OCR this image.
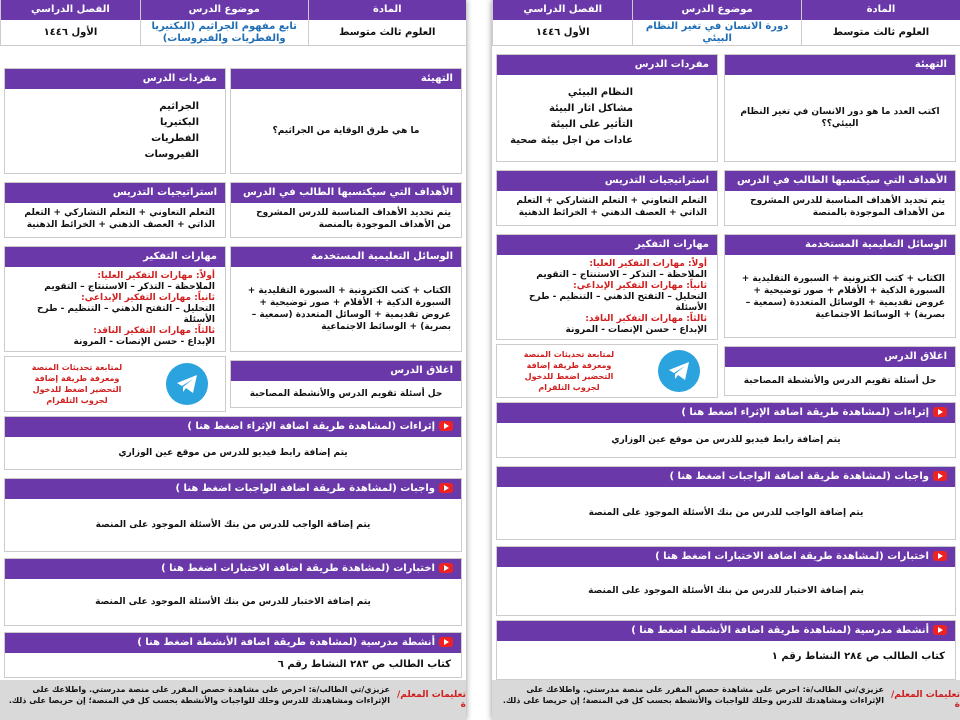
المادة
العلوم ثالث متوسط
موضوع الدرس
تابع مفهوم الجراثيم (البكتيريا والفطريات والفيروسات)
الفصل الدراسي
الأول ١٤٤٦
التهيئة
ما هي طرق الوقاية من الجراثيم؟
مفردات الدرس
الجراثيم
البكتيريا
الفطريات
الفيروسات
الأهداف التي سيكتسبها الطالب في الدرس
يتم تحديد الأهداف المناسبة للدرس المشروح من الأهداف الموجودة بالمنصة
استراتيجيات التدريس
التعلم التعاوني + التعلم التشاركي + التعلم الذاتي + العصف الذهني + الخرائط الذهنية
الوسائل التعليمية المستخدمة
الكتاب + كتب الكترونية + السبورة التقليدية + السبورة الذكية + الأقلام + صور توضيحية + عروض تقديمية + الوسائل المتعددة (سمعية – بصرية) + الوسائط الاجتماعية
مهارات التفكير
أولاً: مهارات التفكير العليا:
الملاحظة – التذكر – الاستنتاج – التقويم
ثانياً: مهارات التفكير الإبداعي:
التحليل – التفتح الذهني – التنظيم - طرح الأسئلة
ثالثاً: مهارات التفكير الناقد:
الإبداع - حسن الإنصات - المرونة
اغلاق الدرس
حل أسئلة تقويم الدرس والأنشطة المصاحبة
لمتابعة تحديثات المنصة ومعرفة طريقة إضافة التحضير اضغط للدخول لجروب التلقرام
إثراءات (لمشاهدة طريقة اضافة الإثراء اضغط هنا )
يتم إضافة رابط فيديو للدرس من موقع عين الوزاري
واجبات (لمشاهدة طريقة اضافة الواجبات اضغط هنا )
يتم إضافة الواجب للدرس من بنك الأسئلة الموجود على المنصة
اختبارات (لمشاهدة طريقة اضافة الاختبارات اضغط هنا )
يتم إضافة الاختبار للدرس من بنك الأسئلة الموجود على المنصة
أنشطة مدرسية (لمشاهدة طريقة اضافة الأنشطة اضغط هنا )
كتاب الطالب ص ٢٨٣ النشاط رقم ٦
تعليمات المعلم/ة
عزيزي/تي الطالب/ة: احرص على مشاهدة حصص المقرر على منصة مدرستي. واطلاعك على الإثراءات ومشاهدتك للدرس وحلك للواجبات والأنشطة بحسب كل في المنصة؛ إن حريصا على ذلك.
المادة
العلوم ثالث متوسط
موضوع الدرس
دورة الانسان في تغير النظام البيئي
الفصل الدراسي
الأول ١٤٤٦
التهيئة
اكتب العدد ما هو دور الانسان في تغير النظام البيئي؟؟
مفردات الدرس
النظام البيئي
مشاكل اثار البيئة
التأثير على البيئة
عادات من اجل بيئة صحية
الأهداف التي سيكتسبها الطالب في الدرس
يتم تحديد الأهداف المناسبة للدرس المشروح من الأهداف الموجودة بالمنصة
استراتيجيات التدريس
التعلم التعاوني + التعلم التشاركي + التعلم الذاتي + العصف الذهني + الخرائط الذهنية
الوسائل التعليمية المستخدمة
الكتاب + كتب الكترونية + السبورة التقليدية + السبورة الذكية + الأقلام + صور توضيحية + عروض تقديمية + الوسائل المتعددة (سمعية – بصرية) + الوسائط الاجتماعية
مهارات التفكير
أولاً: مهارات التفكير العليا:
الملاحظة – التذكر – الاستنتاج – التقويم
ثانياً: مهارات التفكير الإبداعي:
التحليل – التفتح الذهني – التنظيم - طرح الأسئلة
ثالثاً: مهارات التفكير الناقد:
الإبداع - حسن الإنصات - المرونة
اغلاق الدرس
حل أسئلة تقويم الدرس والأنشطة المصاحبة
لمتابعة تحديثات المنصة ومعرفة طريقة إضافة التحضير اضغط للدخول لجروب التلقرام
إثراءات (لمشاهدة طريقة اضافة الإثراء اضغط هنا )
يتم إضافة رابط فيديو للدرس من موقع عين الوزاري
واجبات (لمشاهدة طريقة اضافة الواجبات اضغط هنا )
يتم إضافة الواجب للدرس من بنك الأسئلة الموجود على المنصة
اختبارات (لمشاهدة طريقة اضافة الاختبارات اضغط هنا )
يتم إضافة الاختبار للدرس من بنك الأسئلة الموجود على المنصة
أنشطة مدرسية (لمشاهدة طريقة اضافة الأنشطة اضغط هنا )
كتاب الطالب ص ٢٨٤ النشاط رقم ١
تعليمات المعلم/ة
عزيزي/تي الطالب/ة: احرص على مشاهدة حصص المقرر على منصة مدرستي. واطلاعك على الإثراءات ومشاهدتك للدرس وحلك للواجبات والأنشطة بحسب كل في المنصة؛ إن حريصا على ذلك.
